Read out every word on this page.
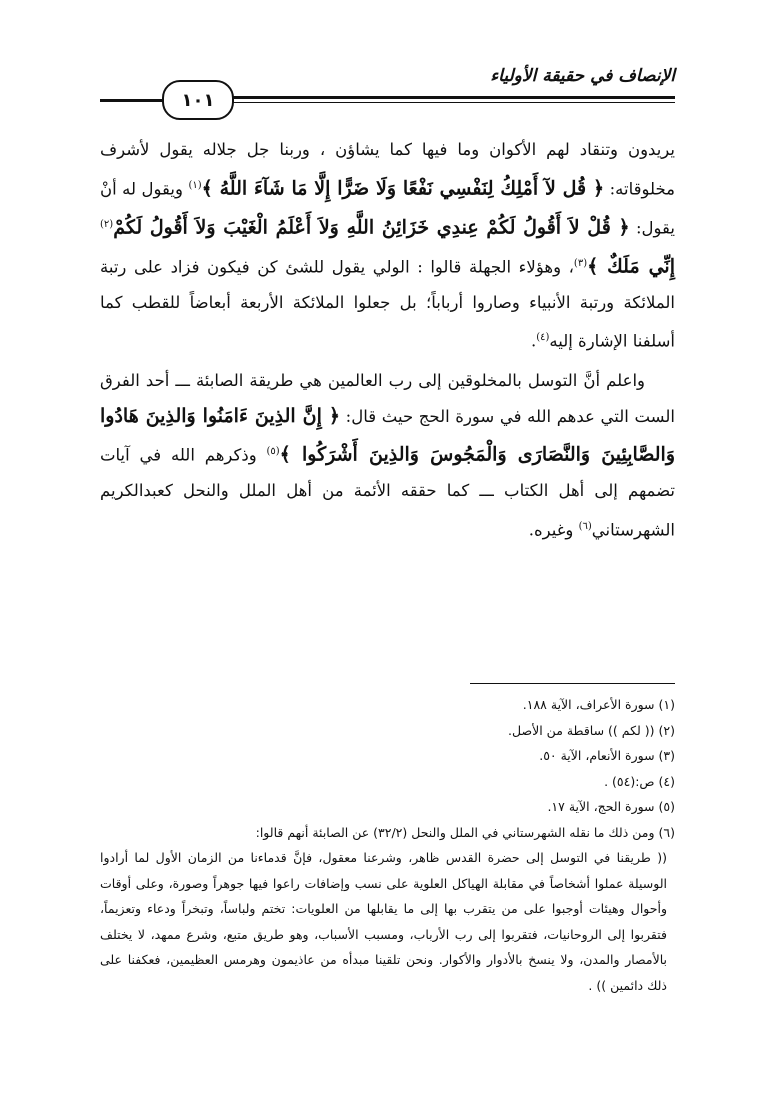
الإنصاف في حقيقة الأولياء
١٠١

يريدون وتنقاد لهم الأكوان وما فيها كما يشاؤن ، وربنا جل جلاله يقول لأشرف مخلوقاته: ﴿ قُل لآ أَمْلِكُ لِنَفْسِي نَفْعًا وَلَا ضَرًّا إِلَّا مَا شَآءَ اللَّهُ ﴾$^{(١)}$ ويقول له أنْ يقول: ﴿ قُلْ لاَ أَقُولُ لَكُمْ عِندِي خَزَائِنُ اللَّهِ وَلاَ أَعْلَمُ الْغَيْبَ وَلاَ أَقُولُ لَكُمْ$^{(٢)}$ إِنِّي مَلَكٌ ﴾$^{(٣)}$، وهؤلاء الجهلة قالوا : الولي يقول للشئ كن فيكون فزاد على رتبة الملائكة ورتبة الأنبياء وصاروا أرباباً؛ بل جعلوا الملائكة الأربعة أبعاضاً للقطب كما أسلفنا الإشارة إليه$^{(٤)}$.

واعلم أنَّ التوسل بالمخلوقين إلى رب العالمين هي طريقة الصابئة ـــ أحد الفرق الست التي عدهم الله في سورة الحج حيث قال: ﴿ إِنَّ الذِينَ ءَامَنُوا وَالذِينَ هَادُوا وَالصَّابِئِينَ وَالنَّصَارَى وَالْمَجُوسَ وَالذِينَ أَشْرَكُوا ﴾$^{(٥)}$ وذكرهم الله في آيات تضمهم إلى أهل الكتاب ـــ كما حققه الأئمة من أهل الملل والنحل كعبدالكريم الشهرستاني$^{(٦)}$ وغيره.

(١) سورة الأعراف، الآية ١٨٨.

(٢) (( لكم )) ساقطة من الأصل.

(٣) سورة الأنعام، الآية ٥٠.

(٤) ص:(٥٤) .

(٥) سورة الحج، الآية ١٧.

(٦) ومن ذلك ما نقله الشهرستاني في الملل والنحل (٣٢/٢) عن الصابئة أنهم قالوا:

(( طريقنا في التوسل إلى حضرة القدس ظاهر، وشرعنا معقول، فإنَّ قدماءنا من الزمان الأول لما أرادوا الوسيلة عملوا أشخاصاً في مقابلة الهياكل العلوية على نسب وإضافات راعوا فيها جوهراً وصورة، وعلى أوقات وأحوال وهيئات أوجبوا على من يتقرب بها إلى ما يقابلها من العلويات: تختم ولباساً، وتبخراً ودعاء وتعزيماً، فتقربوا إلى الروحانيات، فتقربوا إلى رب الأرباب، ومسبب الأسباب، وهو طريق متبع، وشرع ممهد، لا يختلف بالأمصار والمدن، ولا ينسخ بالأدوار والأكوار. ونحن تلقينا مبدأه من عاذيمون وهرمس العظيمين، فعكفنا على ذلك دائمين )) .
